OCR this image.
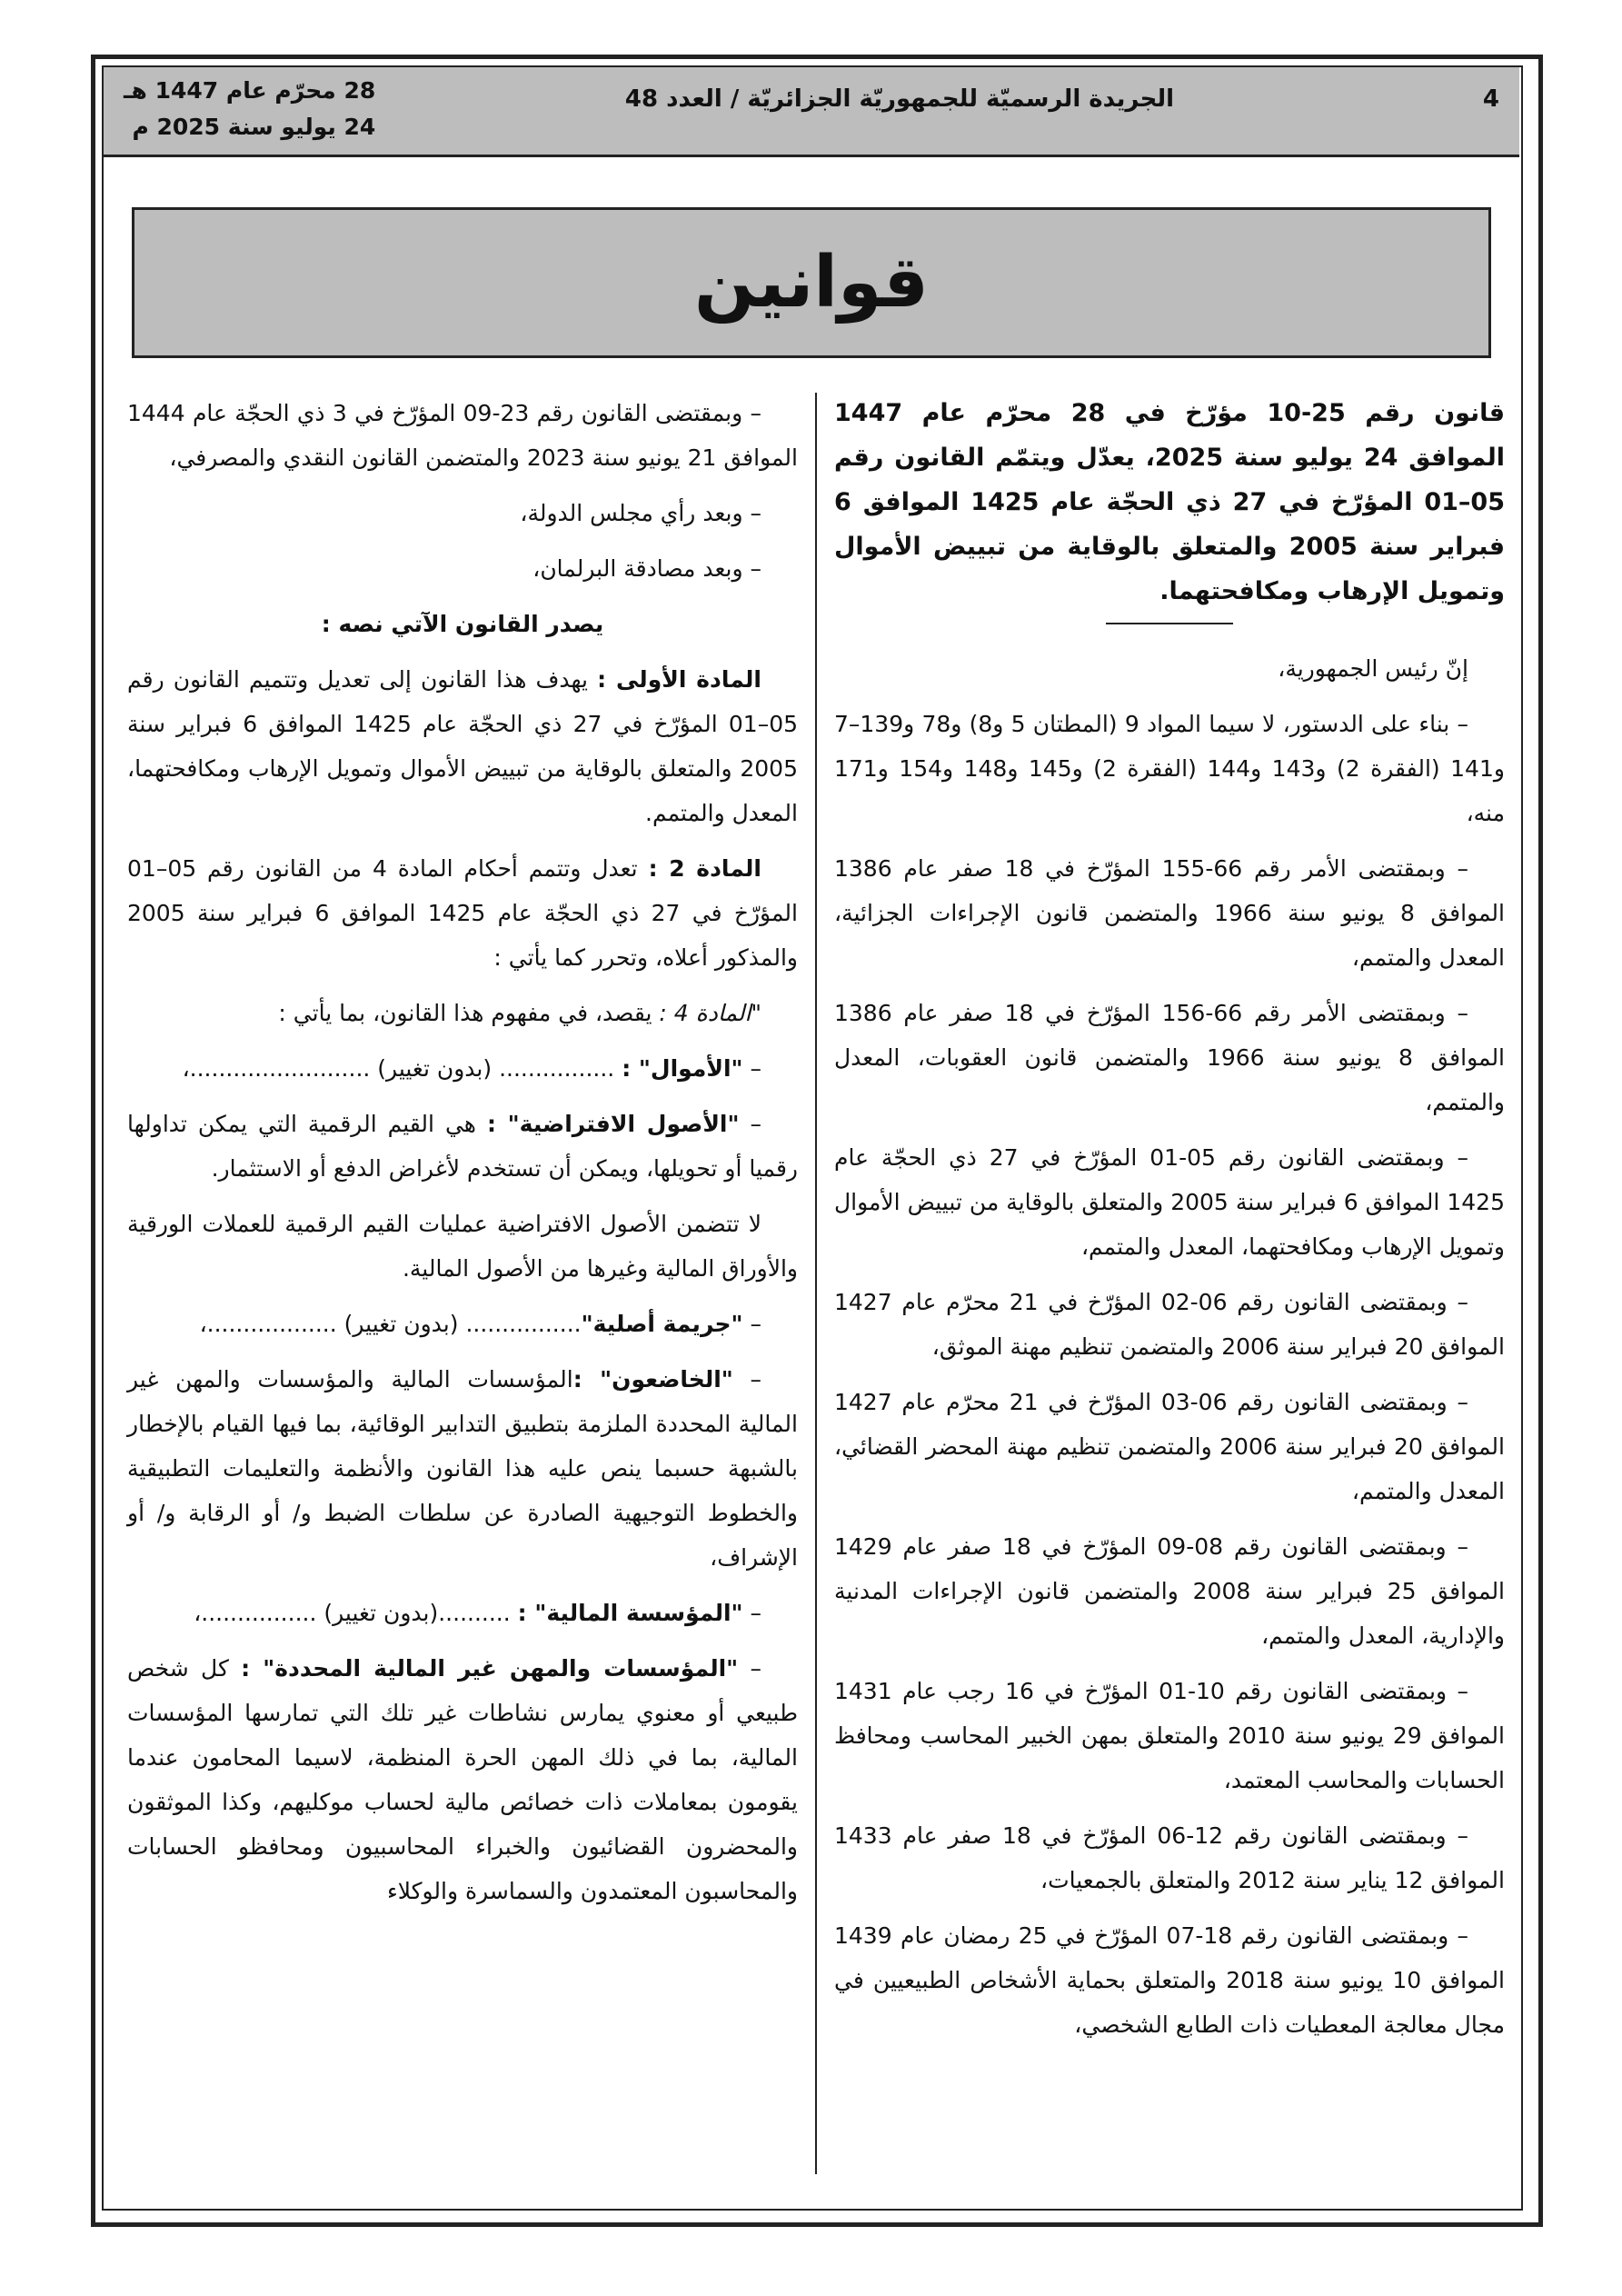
4
الجريدة الرسميّة للجمهوريّة الجزائريّة / العدد 48
28 محرّم عام 1447 هـ
24 يوليو سنة 2025 م
قوانين
قانون رقم 25-10 مؤرّخ في 28 محرّم عام 1447 الموافق 24 يوليو سنة 2025، يعدّل ويتمّم القانون رقم 05–01 المؤرّخ في 27 ذي الحجّة عام 1425 الموافق 6 فبراير سنة 2005 والمتعلق بالوقاية من تبييض الأموال وتمويل الإرهاب ومكافحتهما.

إنّ رئيس الجمهورية،

– بناء على الدستور، لا سيما المواد 9 (المطتان 5 و8) و78 و139–7 و141 (الفقرة 2) و143 و144 (الفقرة 2) و145 و148 و154 و171 منه،

– وبمقتضى الأمر رقم 66-155 المؤرّخ في 18 صفر عام 1386 الموافق 8 يونيو سنة 1966 والمتضمن قانون الإجراءات الجزائية، المعدل والمتمم،

– وبمقتضى الأمر رقم 66-156 المؤرّخ في 18 صفر عام 1386 الموافق 8 يونيو سنة 1966 والمتضمن قانون العقوبات، المعدل والمتمم،

– وبمقتضى القانون رقم 05-01 المؤرّخ في 27 ذي الحجّة عام 1425 الموافق 6 فبراير سنة 2005 والمتعلق بالوقاية من تبييض الأموال وتمويل الإرهاب ومكافحتهما، المعدل والمتمم،

– وبمقتضى القانون رقم 06-02 المؤرّخ في 21 محرّم عام 1427 الموافق 20 فبراير سنة 2006 والمتضمن تنظيم مهنة الموثق،

– وبمقتضى القانون رقم 06-03 المؤرّخ في 21 محرّم عام 1427 الموافق 20 فبراير سنة 2006 والمتضمن تنظيم مهنة المحضر القضائي، المعدل والمتمم،

– وبمقتضى القانون رقم 08-09 المؤرّخ في 18 صفر عام 1429 الموافق 25 فبراير سنة 2008 والمتضمن قانون الإجراءات المدنية والإدارية، المعدل والمتمم،

– وبمقتضى القانون رقم 10-01 المؤرّخ في 16 رجب عام 1431 الموافق 29 يونيو سنة 2010 والمتعلق بمهن الخبير المحاسب ومحافظ الحسابات والمحاسب المعتمد،

– وبمقتضى القانون رقم 12-06 المؤرّخ في 18 صفر عام 1433 الموافق 12 يناير سنة 2012 والمتعلق بالجمعيات،

– وبمقتضى القانون رقم 18-07 المؤرّخ في 25 رمضان عام 1439 الموافق 10 يونيو سنة 2018 والمتعلق بحماية الأشخاص الطبيعيين في مجال معالجة المعطيات ذات الطابع الشخصي،

– وبمقتضى القانون رقم 23-09 المؤرّخ في 3 ذي الحجّة عام 1444 الموافق 21 يونيو سنة 2023 والمتضمن القانون النقدي والمصرفي،

– وبعد رأي مجلس الدولة،

– وبعد مصادقة البرلمان،

يصدر القانون الآتي نصه :

المادة الأولى : يهدف هذا القانون إلى تعديل وتتميم القانون رقم 05–01 المؤرّخ في 27 ذي الحجّة عام 1425 الموافق 6 فبراير سنة 2005 والمتعلق بالوقاية من تبييض الأموال وتمويل الإرهاب ومكافحتهما، المعدل والمتمم.

المادة 2 : تعدل وتتمم أحكام المادة 4 من القانون رقم 05–01 المؤرّخ في 27 ذي الحجّة عام 1425 الموافق 6 فبراير سنة 2005 والمذكور أعلاه، وتحرر كما يأتي :

"المادة 4 : يقصد، في مفهوم هذا القانون، بما يأتي :

– "الأموال" : ................ (بدون تغيير) .........................،

– "الأصول الافتراضية" : هي القيم الرقمية التي يمكن تداولها رقميا أو تحويلها، ويمكن أن تستخدم لأغراض الدفع أو الاستثمار.

لا تتضمن الأصول الافتراضية عمليات القيم الرقمية للعملات الورقية والأوراق المالية وغيرها من الأصول المالية.

– "جريمة أصلية"................ (بدون تغيير) ..................،

– "الخاضعون" :المؤسسات المالية والمؤسسات والمهن غير المالية المحددة الملزمة بتطبيق التدابير الوقائية، بما فيها القيام بالإخطار بالشبهة حسبما ينص عليه هذا القانون والأنظمة والتعليمات التطبيقية والخطوط التوجيهية الصادرة عن سلطات الضبط و/ أو الرقابة و/ أو الإشراف،

– "المؤسسة المالية" : ..........(بدون تغيير) ................،

– "المؤسسات والمهن غير المالية المحددة" : كل شخص طبيعي أو معنوي يمارس نشاطات غير تلك التي تمارسها المؤسسات المالية، بما في ذلك المهن الحرة المنظمة، لاسيما المحامون عندما يقومون بمعاملات ذات خصائص مالية لحساب موكليهم، وكذا الموثقون والمحضرون القضائيون والخبراء المحاسبيون ومحافظو الحسابات والمحاسبون المعتمدون والسماسرة والوكلاء
